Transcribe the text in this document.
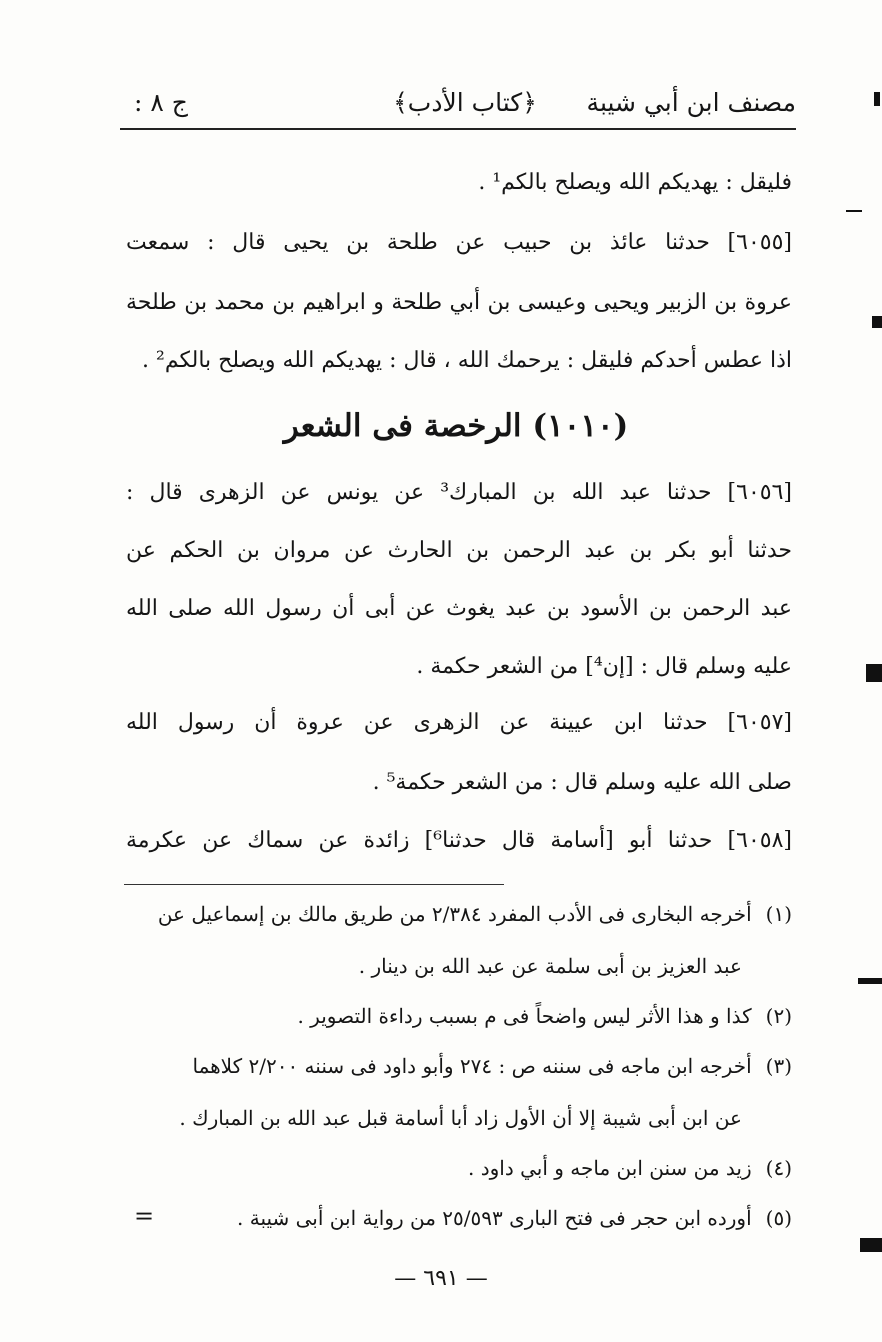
مصنف ابن أبي شيبة
﴿كتاب الأدب﴾
ج ٨ :
فليقل : يهديكم الله ويصلح بالكم¹ .
[٦٠٥٥] حدثنا عائذ بن حبيب عن طلحة بن يحيى قال : سمعت
عروة بن الزبير ويحيى وعيسى بن أبي طلحة و ابراهيم بن محمد بن طلحة
اذا عطس أحدكم فليقل : يرحمك الله ، قال : يهديكم الله ويصلح بالكم² .
(١٠١٠) الرخصة فى الشعر
[٦٠٥٦] حدثنا عبد الله بن المبارك³ عن يونس عن الزهرى قال :
حدثنا أبو بكر بن عبد الرحمن بن الحارث عن مروان بن الحكم عن
عبد الرحمن بن الأسود بن عبد يغوث عن أبى أن رسول الله صلى الله
عليه وسلم قال : [إن⁴] من الشعر حكمة .
[٦٠٥٧] حدثنا ابن عيينة عن الزهرى عن عروة أن رسول الله
صلى الله عليه وسلم قال : من الشعر حكمة⁵ .
[٦٠٥٨] حدثنا أبو [أسامة قال حدثنا⁶] زائدة عن سماك عن عكرمة
(١) أخرجه البخارى فى الأدب المفرد ٢/٣٨٤ من طريق مالك بن إسماعيل عن
عبد العزيز بن أبى سلمة عن عبد الله بن دينار .
(٢) كذا و هذا الأثر ليس واضحاً فى م بسبب رداءة التصوير .
(٣) أخرجه ابن ماجه فى سننه ص : ٢٧٤ وأبو داود فى سننه ٢/٢٠٠ كلاهما
عن ابن أبى شيبة إلا أن الأول زاد أبا أسامة قبل عبد الله بن المبارك .
(٤) زيد من سنن ابن ماجه و أبي داود .
(٥) أورده ابن حجر فى فتح البارى ٢٥/٥٩٣ من رواية ابن أبى شيبة .
=
— ٦٩١ —
